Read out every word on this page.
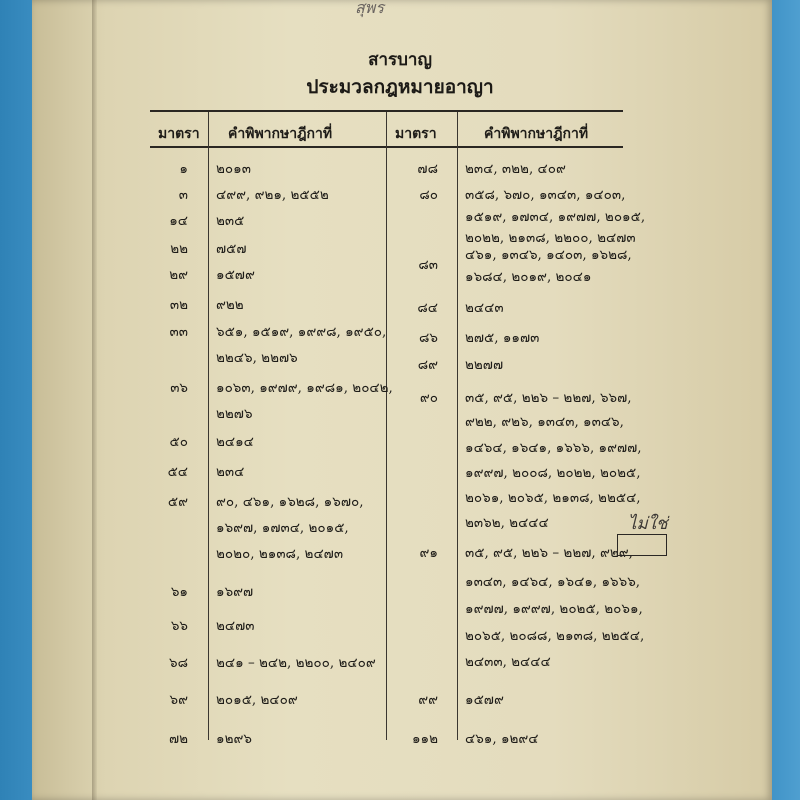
สุพร
สารบาญ
ประมวลกฎหมายอาญา
มาตรา คำพิพากษาฎีกาที่	มาตรา	คำพิพากษาฎีกาที่
๑ ๒๐๑๓
๓ ๔๙๙, ๙๒๑, ๒๕๕๒
๑๔ ๒๓๕
๒๒ ๗๕๗
๒๙ ๑๕๗๙
๓๒ ๙๒๒
๓๓ ๖๕๑, ๑๕๑๙, ๑๙๙๘, ๑๙๕๐,
๒๒๔๖, ๒๒๗๖
๓๖ ๑๐๖๓, ๑๙๗๙, ๑๙๘๑, ๒๐๔๒,
๒๒๗๖
๕๐ ๒๔๑๔
๕๔ ๒๓๔
๕๙ ๙๐, ๔๖๑, ๑๖๒๘, ๑๖๗๐,
๑๖๙๗, ๑๗๓๔, ๒๐๑๕,
๒๐๒๐, ๒๑๓๘, ๒๔๗๓
๖๑ ๑๖๙๗
๖๖ ๒๔๗๓
๖๘ ๒๔๑ – ๒๔๒, ๒๒๐๐, ๒๔๐๙
๖๙ ๒๐๑๕, ๒๔๐๙
๗๒ ๑๒๙๖
๗๘ ๒๓๔, ๓๒๒, ๔๐๙
๘๐ ๓๕๘, ๖๗๐, ๑๓๔๓, ๑๔๐๓,
๑๕๑๙, ๑๗๓๔, ๑๙๗๗, ๒๐๑๕,
๒๐๒๒, ๒๑๓๘, ๒๒๐๐, ๒๔๗๓
๘๓
๔๖๑, ๑๓๔๖, ๑๔๐๓, ๑๖๒๘,
๑๖๘๔, ๒๐๑๙, ๒๐๔๑
๘๔ ๒๔๔๓
๘๖ ๒๗๕, ๑๑๗๓
๘๙ ๒๒๗๗
๙๐ ๓๕, ๙๕, ๒๒๖ – ๒๒๗, ๖๖๗,
๙๒๒, ๙๒๖, ๑๓๔๓, ๑๓๔๖,
๑๔๖๔, ๑๖๔๑, ๑๖๖๖, ๑๙๗๗,
๑๙๙๗, ๒๐๐๘, ๒๐๒๒, ๒๐๒๕,
๒๐๖๑, ๒๐๖๕, ๒๑๓๘, ๒๒๕๔,
๒๓๖๒, ๒๔๔๔
๙๑ ๓๕, ๙๕, ๒๒๖ – ๒๒๗, ๙๒๙,
๑๓๔๓, ๑๔๖๔, ๑๖๔๑, ๑๖๖๖,
๑๙๗๗, ๑๙๙๗, ๒๐๒๕, ๒๐๖๑,
๒๐๖๕, ๒๐๘๘, ๒๑๓๘, ๒๒๕๔,
๒๔๓๓, ๒๔๔๔
๙๙ ๑๕๗๙
๑๑๒ ๔๖๑, ๑๒๙๔
ไม่ใช่
